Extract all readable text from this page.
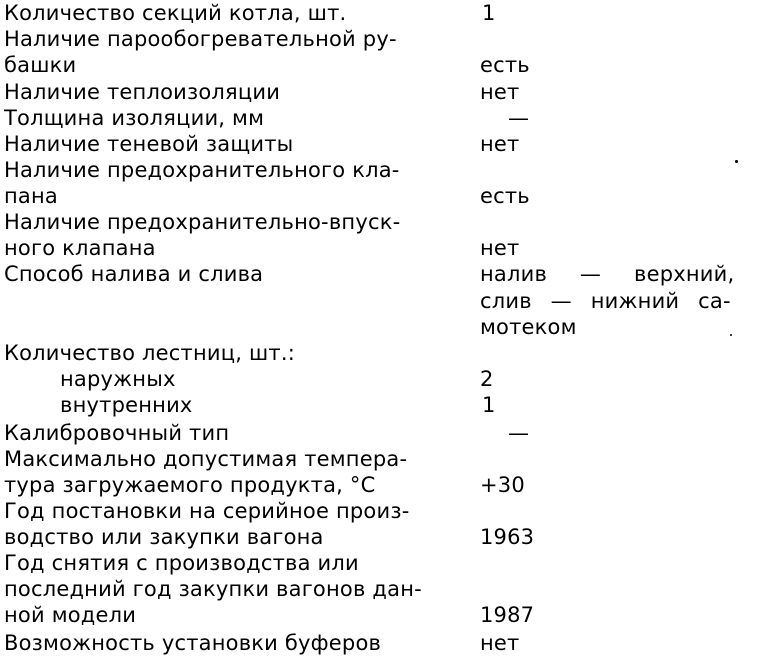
Количество секций котла, шт.	1
Наличие парообогревательной ру-
башки	есть
Наличие теплоизоляции	нет
Толщина изоляции, мм	—
Наличие теневой защиты	нет
Наличие предохранительного кла-
пана	есть
Наличие предохранительно-впуск-
ного клапана	нет
Способ налива и слива	налив — верхний,
слив — нижний са-
мотеком
Количество лестниц, шт.:
наружных	2
внутренних	1
Калибровочный тип	—
Максимально допустимая темпера-
тура загружаемого продукта, °С	+30
Год постановки на серийное произ-
водство или закупки вагона	1963
Год снятия с производства или
последний год закупки вагонов дан-
ной модели	1987
Возможность установки буферов	нет
